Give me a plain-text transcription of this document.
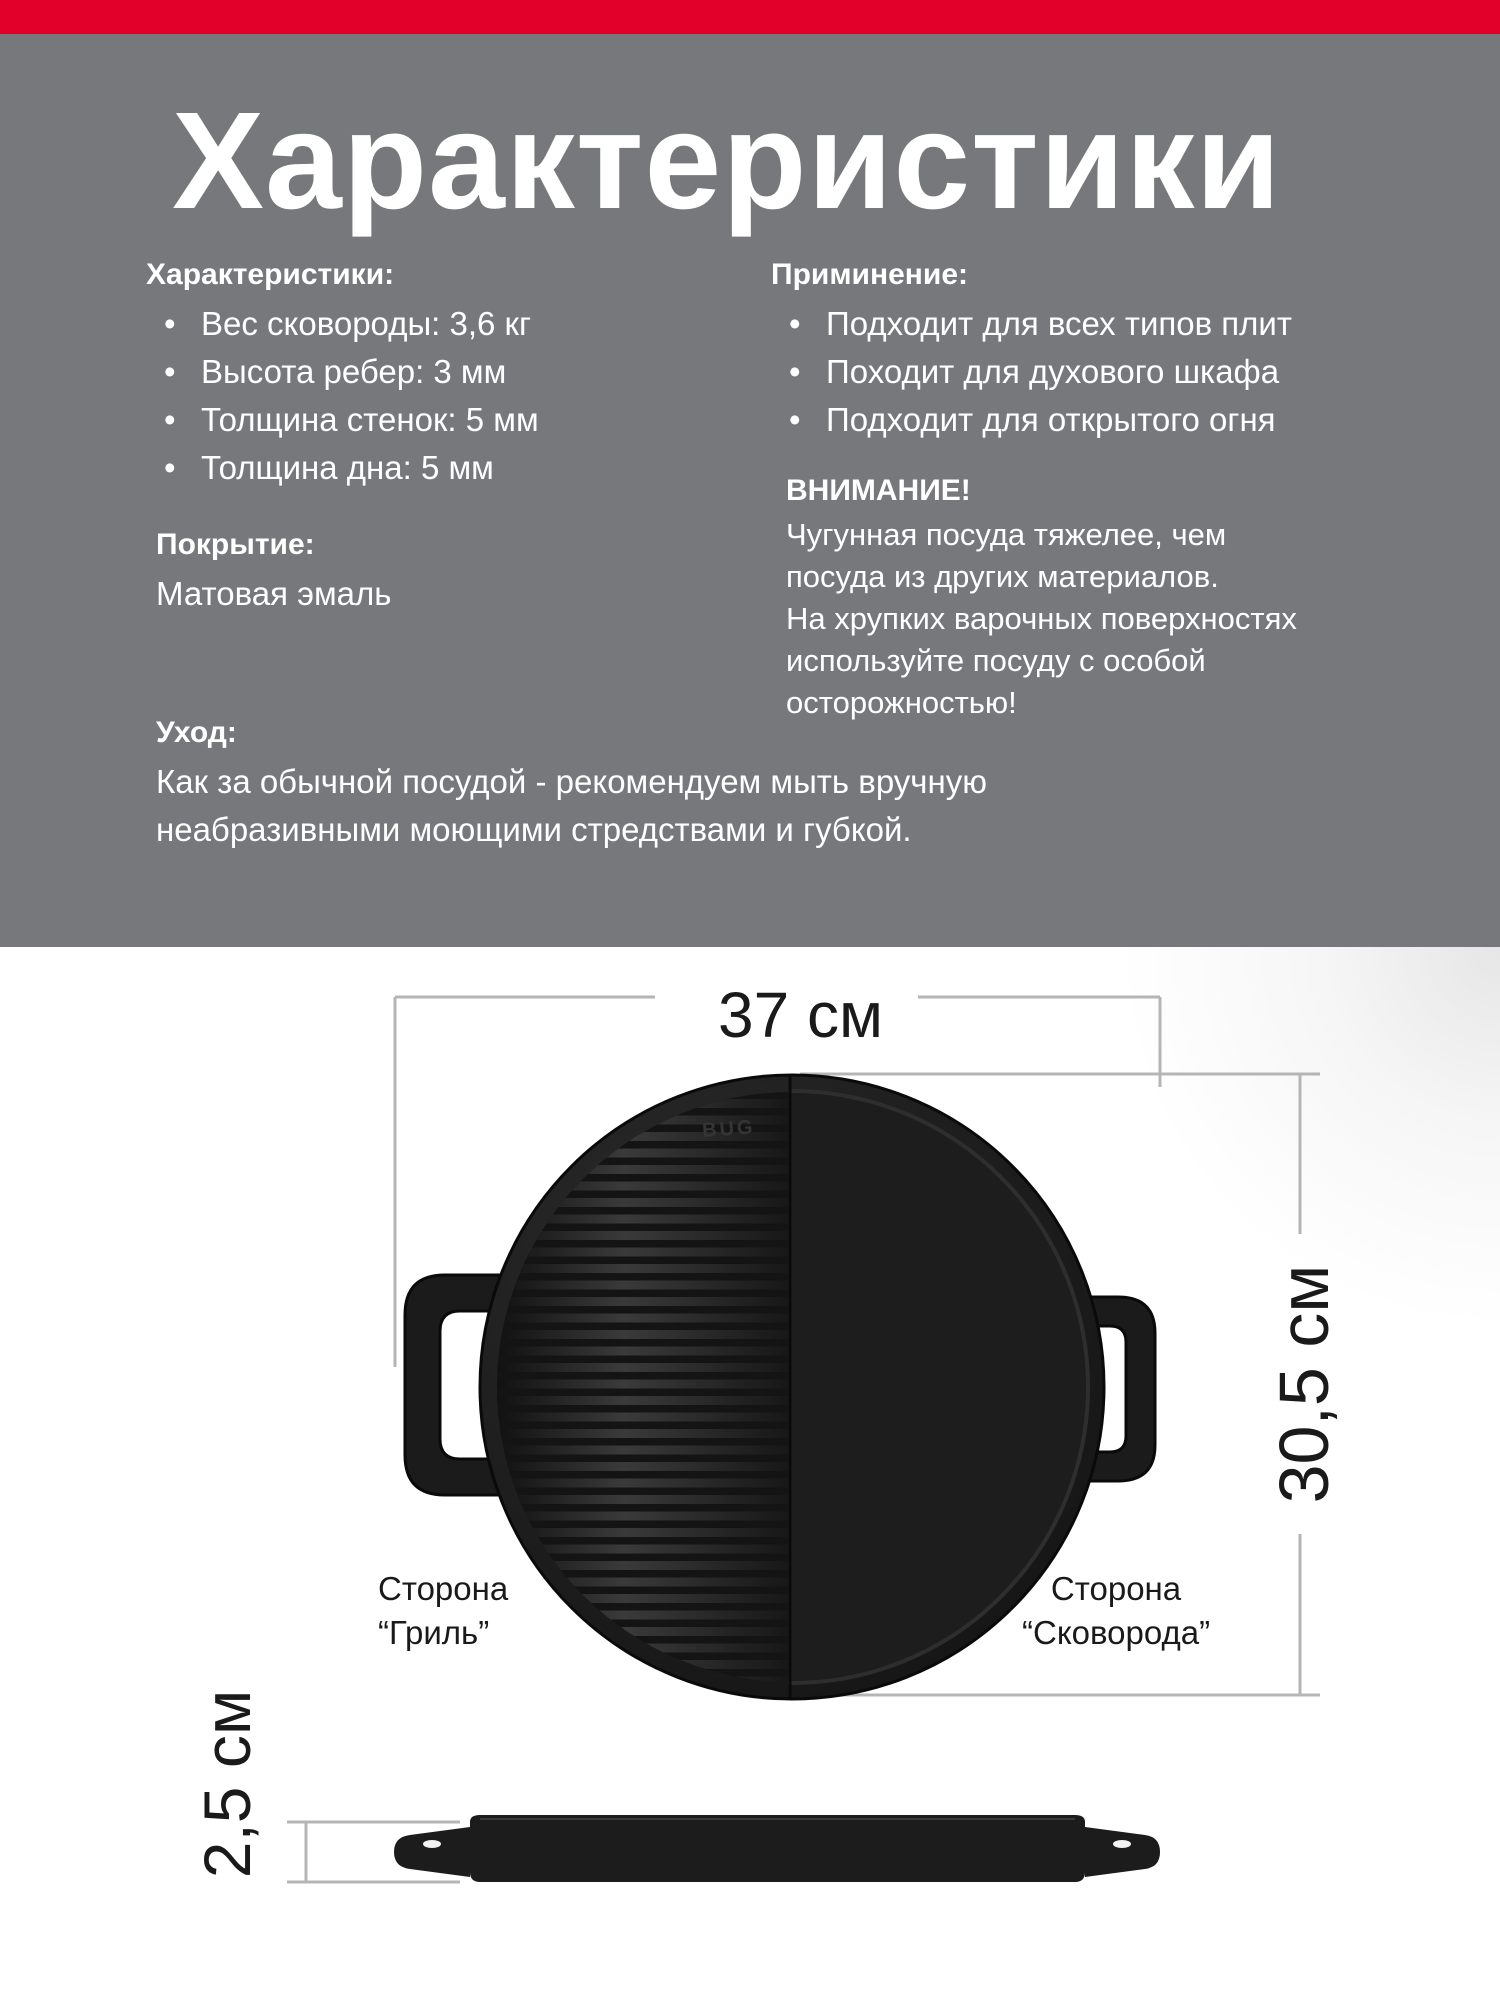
Характеристики

Характеристики:

• Вес сковороды: 3,6 кг
• Высота ребер: 3 мм
• Толщина стенок: 5 мм
• Толщина дна: 5 мм

Покрытие:

Матовая эмаль

Приминение:

• Подходит для всех типов плит
• Походит для духового шкафа
• Подходит для открытого огня

ВНИМАНИЕ!

Чугунная посуда тяжелее, чем

посуда из других материалов.

На хрупких варочных поверхностях

используйте посуду с особой

осторожностью!

Уход:

Как за обычной посудой - рекомендуем мыть вручную

неабразивными моющими стредствами и губкой.

BUG
37 см
30,5 см
2,5 см
Сторона
“Гриль”
Сторона
“Сковорода”
